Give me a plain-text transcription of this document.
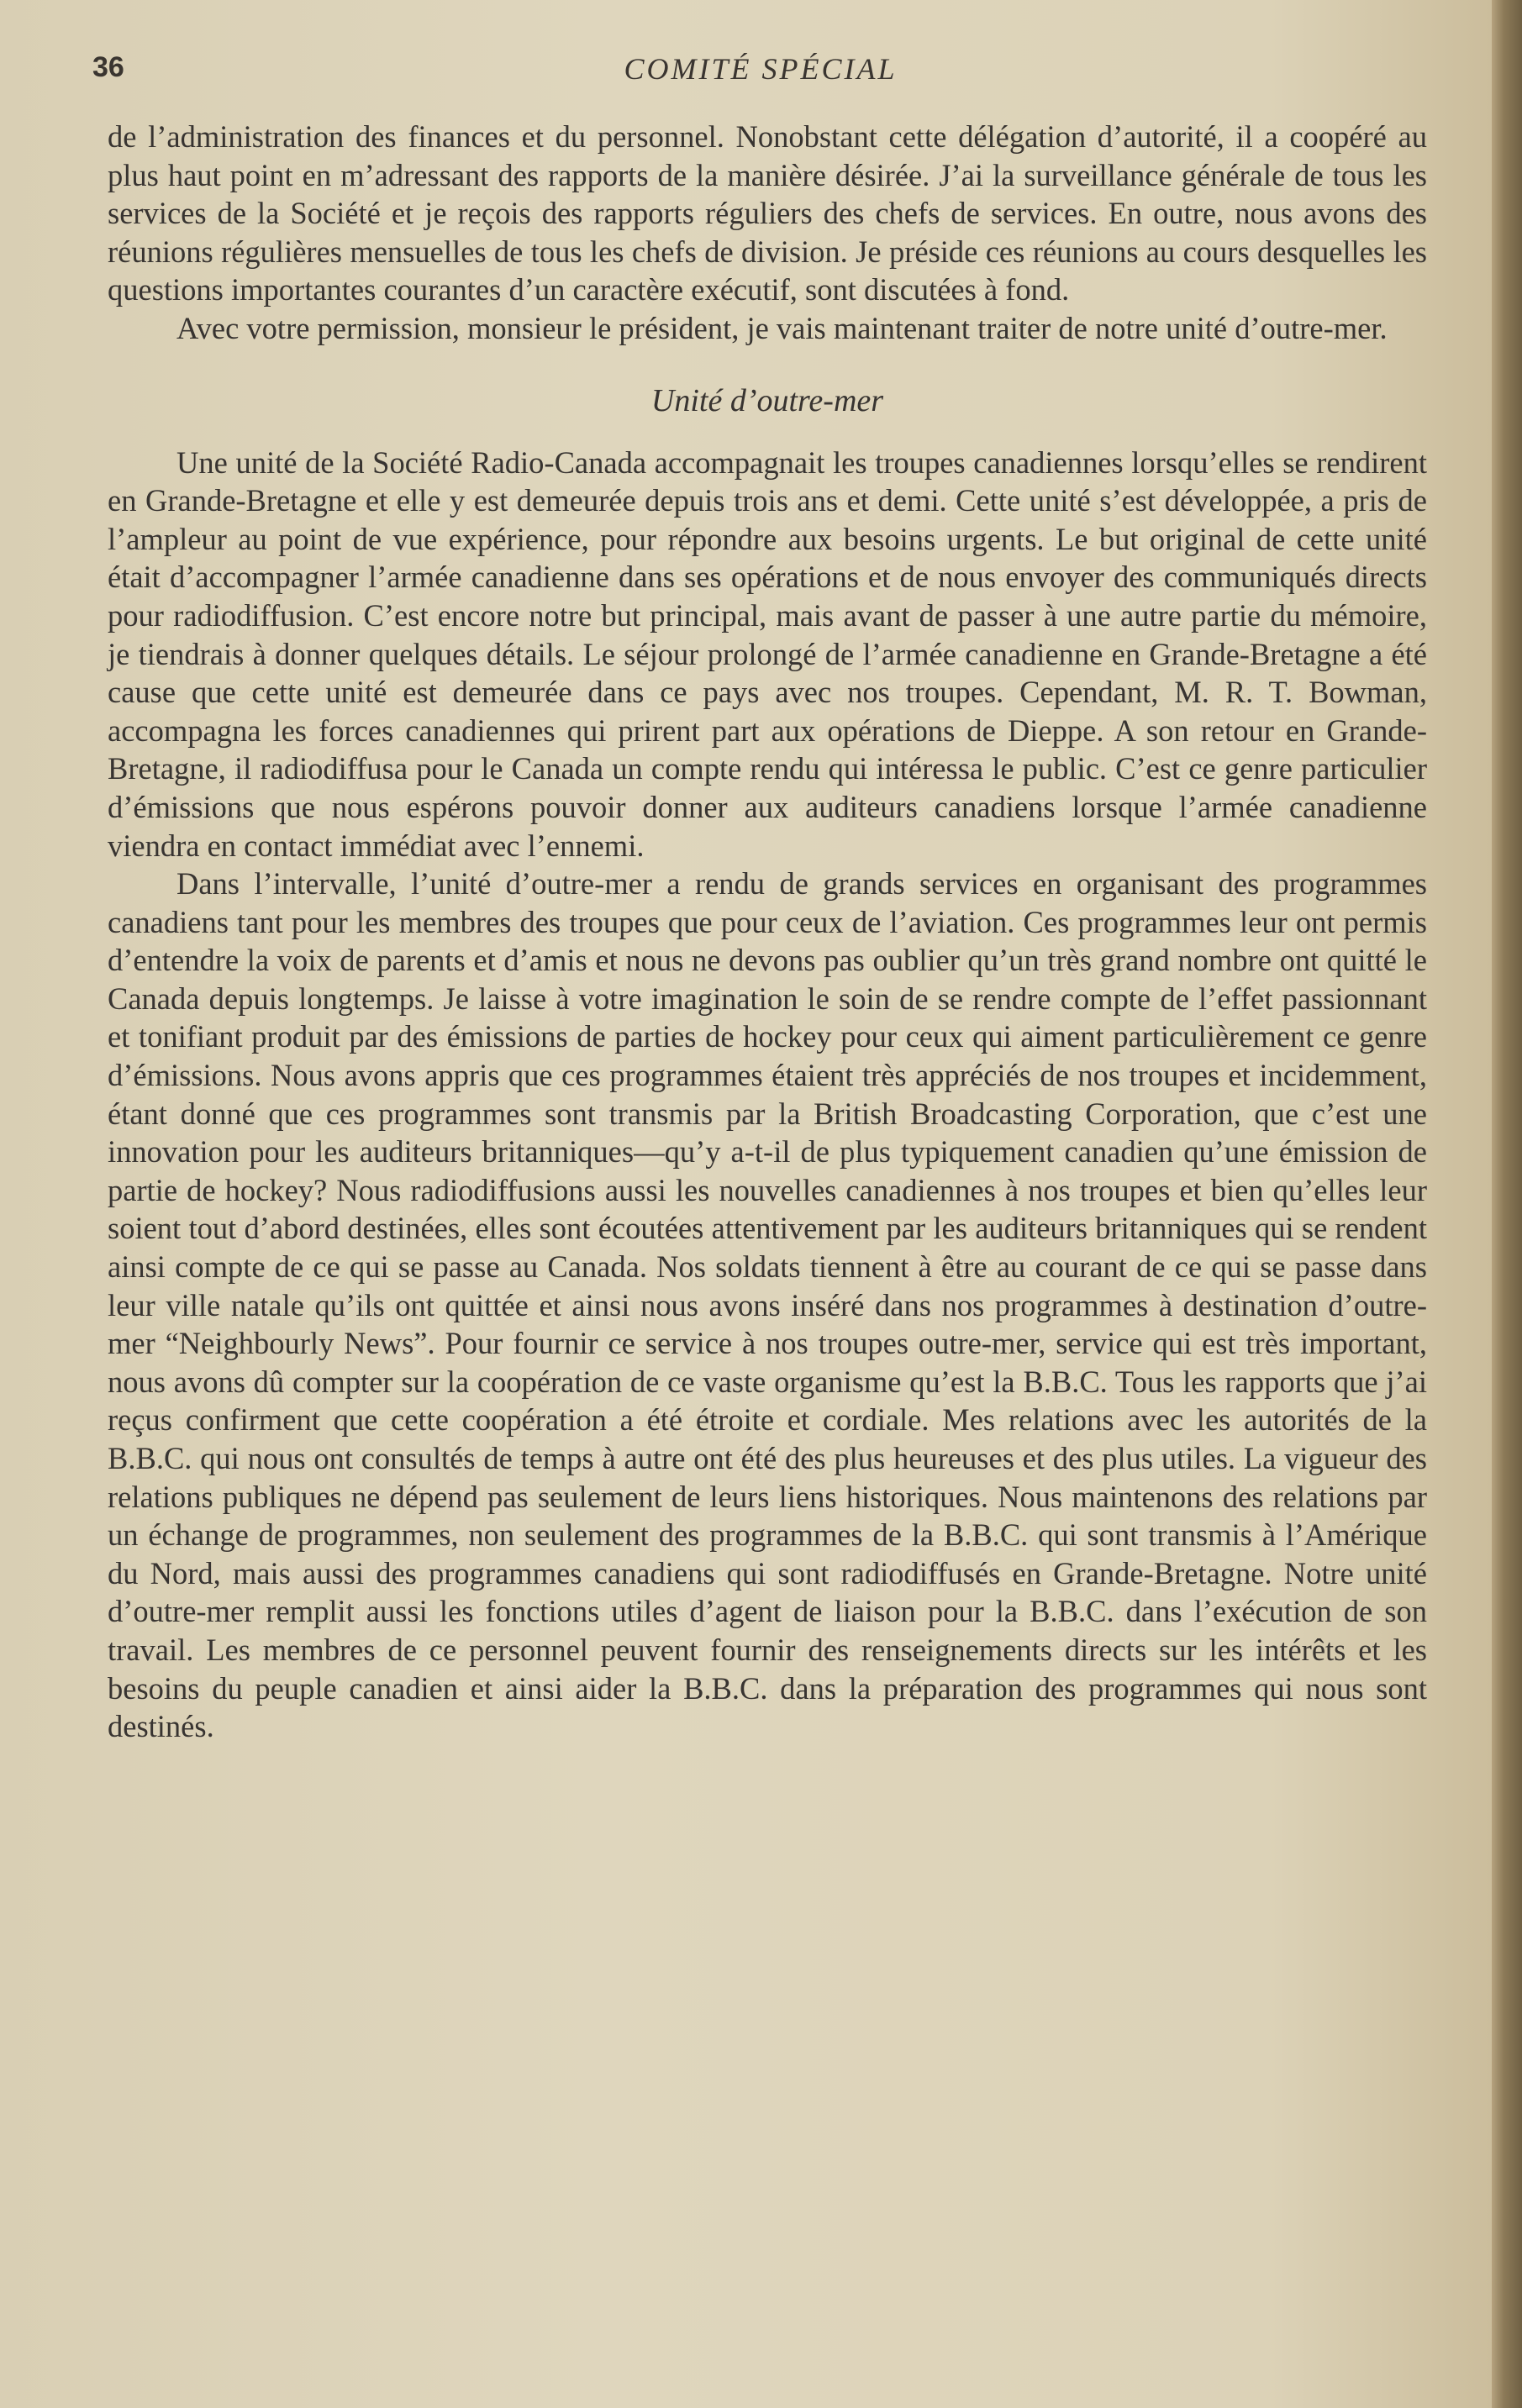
36	COMITÉ SPÉCIAL

de l’administration des finances et du personnel. Nonobstant cette délégation d’autorité, il a coopéré au plus haut point en m’adressant des rapports de la manière désirée. J’ai la surveillance générale de tous les services de la Société et je reçois des rapports réguliers des chefs de services. En outre, nous avons des réunions régulières mensuelles de tous les chefs de division. Je préside ces réunions au cours desquelles les questions importantes courantes d’un caractère exécutif, sont discutées à fond.

Avec votre permission, monsieur le président, je vais maintenant traiter de notre unité d’outre-mer.

Unité d’outre-mer

Une unité de la Société Radio-Canada accompagnait les troupes canadiennes lorsqu’elles se rendirent en Grande-Bretagne et elle y est demeurée depuis trois ans et demi. Cette unité s’est développée, a pris de l’ampleur au point de vue expérience, pour répondre aux besoins urgents. Le but original de cette unité était d’accompagner l’armée canadienne dans ses opérations et de nous envoyer des communiqués directs pour radiodiffusion. C’est encore notre but principal, mais avant de passer à une autre partie du mémoire, je tiendrais à donner quelques détails. Le séjour prolongé de l’armée canadienne en Grande-Bretagne a été cause que cette unité est demeurée dans ce pays avec nos troupes. Cependant, M. R. T. Bowman, accompagna les forces canadiennes qui prirent part aux opérations de Dieppe. A son retour en Grande-Bretagne, il radiodiffusa pour le Canada un compte rendu qui intéressa le public. C’est ce genre particulier d’émissions que nous espérons pouvoir donner aux auditeurs canadiens lorsque l’armée canadienne viendra en contact immédiat avec l’ennemi.

Dans l’intervalle, l’unité d’outre-mer a rendu de grands services en organisant des programmes canadiens tant pour les membres des troupes que pour ceux de l’aviation. Ces programmes leur ont permis d’entendre la voix de parents et d’amis et nous ne devons pas oublier qu’un très grand nombre ont quitté le Canada depuis longtemps. Je laisse à votre imagination le soin de se rendre compte de l’effet passionnant et tonifiant produit par des émissions de parties de hockey pour ceux qui aiment particulièrement ce genre d’émissions. Nous avons appris que ces programmes étaient très appréciés de nos troupes et incidemment, étant donné que ces programmes sont transmis par la British Broadcasting Corporation, que c’est une innovation pour les auditeurs britanniques—qu’y a-t-il de plus typiquement canadien qu’une émission de partie de hockey? Nous radiodiffusions aussi les nouvelles canadiennes à nos troupes et bien qu’elles leur soient tout d’abord destinées, elles sont écoutées attentivement par les auditeurs britanniques qui se rendent ainsi compte de ce qui se passe au Canada. Nos soldats tiennent à être au courant de ce qui se passe dans leur ville natale qu’ils ont quittée et ainsi nous avons inséré dans nos programmes à destination d’outre-mer “Neighbourly News”. Pour fournir ce service à nos troupes outre-mer, service qui est très important, nous avons dû compter sur la coopération de ce vaste organisme qu’est la B.B.C. Tous les rapports que j’ai reçus confirment que cette coopération a été étroite et cordiale. Mes relations avec les autorités de la B.B.C. qui nous ont consultés de temps à autre ont été des plus heureuses et des plus utiles. La vigueur des relations publiques ne dépend pas seulement de leurs liens historiques. Nous maintenons des relations par un échange de programmes, non seulement des programmes de la B.B.C. qui sont transmis à l’Amérique du Nord, mais aussi des programmes canadiens qui sont radiodiffusés en Grande-Bretagne. Notre unité d’outre-mer remplit aussi les fonctions utiles d’agent de liaison pour la B.B.C. dans l’exécution de son travail. Les membres de ce personnel peuvent fournir des renseignements directs sur les intérêts et les besoins du peuple canadien et ainsi aider la B.B.C. dans la préparation des programmes qui nous sont destinés.
